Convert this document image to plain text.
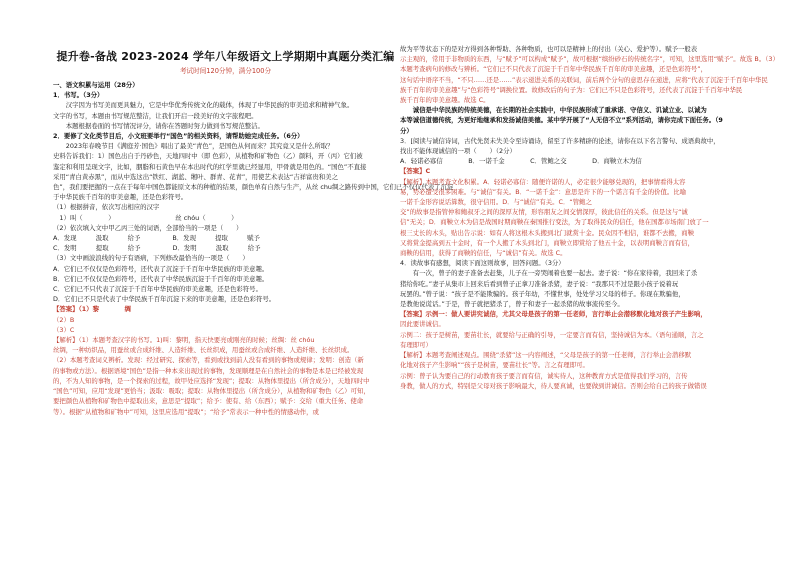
提升卷-备战 2023-2024 学年八年级语文上学期期中真题分类汇编
考试时间120分钟，满分100分
一、语文积累与运用（28分）
1．书写。（3分）
　　汉字因为书写美而更具魅力，它是中华优秀传统文化的载体，体现了中华民族的审美追求和精神气象。
文字的书写，本题由书写规范整洁，让我们开启一段美好的文字旅程吧。
　　本题根据卷面的书写情况评分，请你在答题时努力做到书写规范整洁。
2．要修了文化类节目后，小文班要举行“国色”的相关资料，请帮助她完成任务。（6分）
　　2023年春晚节目《满庭芳·国色》唱出了最美“青色”，是国色从何而来？其究竟又是什么所取？
史料告诉我们：1）国色出自于丹砂色，天地四时中（即 色彩），从植物和矿物色（乙）颜料，开（丙）它们被
鉴定和利用呈现文字，比如，胭脂和石黄色早在本出时代的红学里就已经显用，甲骨就是用色的。“国色”不直接
采用“青白黄赤黑”，而从中选这出“铁红、湖蓝、缃叶、群青、花青”，用使艺术表达“吉祥富贵和美之
色”，我们要把握的一点在于每年中国色都能原文本的种植的结果，颜色单有自然与生产，从丝 chu绸之路传到中国，它们已不仅仅代表了沉淀
于中华民族千百年的审美意趣，还是色彩符号。
（1）根据拼音，依次写出相应的汉字
　1）叫（　　　　）　　　　　　　　　　丝 chóu（　　　　）
（2）依次填入文中甲乙丙三处的词语，全部恰当的一项是（　　）
A．发现　　　汲取　　　给予　　　　　B．发现　　　提取　　　赋予
C．发明　　　提取　　　给予　　　　　D．发明　　　汲取　　　给予
（3）文中画波浪线的句子有语病，下列修改最恰当的一项是（　　）
A．它们已不仅仅是色彩符号，还代表了沉淀于千百年中华民族的审美意趣。
B．它们已不仅仅是色彩符号，还代表了中华民族沉淀于千百年的审美意趣。
C．它们已不只代表了沉淀于千百年中华民族的审美意趣，还是色彩符号。
D．它们已不只是代表了中华民族千百年沉淀下来的审美意趣，还是色彩符号。
【答案】（1）黎　　　　绸
（2）B
（3）C
【解析】（1）本题考查汉字的书写。1)叫：黎明，指天快要亮或刚亮的时候；丝绸：丝 chóu
丝绸，一种纺织品，用蚕丝或合成纤维、人造纤维、长丝织成，用蚕丝或合成纤维、人造纤维、长丝织成。
（2）本题考查词义辨析。发现：经过研究、探索等，看到或找到前人没有看到的事物或规律；发明：创造（新
的事物或方法）。根据语境“国色”是指一种本来出现过的事物，发现顺理是在自然社会的事物是本是已经被发现
的，不为人知的事物，是一个探索的过程，故甲处应选择“发现”；提取：从物体里提出（所含成分），天地四时中
“国色”可知，应用“发现”更恰当；汲取：吸取；提取：从物体里提出（所含成分），从植物和矿物色（乙）可知，
要把颜色从植物和矿物色中提取出来，意思是“提取”；给予：使有、给（东西）；赋予：交给（重大任务、使命
等）。根据“从植物和矿物中”可知，这里应选用“提取”；“给予”常表示一种中性的情感动作，或
故为平等状态下的是对方得到各种帮助、各种物质，也可以是精神上的付出（关心、爱护等）。赋予一般表
示主观的，常用于非物质的东西，与“赋予”可以构成“赋予”，故可根据“缤纷砂石的传统名字”，可知，这里选用“赋予”。故选 B。（3）
本题考查病句的修改与辨析。“它们已不只代表了沉淀于千百年中华民族千百年的审美意趣，还是色彩符号”，
这句话中语序不当，“不只……还是……”表示递进关系的关联词，前后两个分句的意思存在递进，应将“代表了沉淀于千百年中华民
族千百年的审美意趣”与“色彩符号”调换位置。故修改后的句子为：它们已不只是色彩符号，还代表了沉淀于千百年中华民
族千百年的审美意趣。故选 C。
　　诚信是中华民族的传统美德，在长期的社会实践中，中华民族形成了重承诺、守信义、讥诚立业、以诚为
本等诚信道德传统，为更好地继承和发扬诚信美德。某中学开展了“人无信不立”系列活动，请你完成下面任务。（9
分）
3．[阅读与诚信诗词，古代先贤未失美令至诗诵诗，留至了许多精辟的论述，请你在以下名言警句、成语典故中，
找出不能体现诚信的一项（　　）（2分）
A．轻诺必寡信　　　　B．一诺千金　　　　C．管鲍之交　　　　D．商鞅立木为信
【答案】C
【解析】本题考查文化积累。A．轻诺必寡信：随便许诺的人，必定很少能够兑现的，把事情看得太容
易，势必遭受很多困难。与“诚信”有关。B．“一诺千金”：意思是许下的一个诺言有千金的价值。比喻
一诺千金形容说话算数，很守信用。D．与“诚信”有关。C．“管鲍之
交”的故事是指管仲和鲍叔牙之间的深厚友情，形容朋友之间交情深厚，彼此信任的关系。但是这与“诚
信”无关；D．商鞅立木为信是战国时期商鞅在秦国推行变法，为了取得民众的信任，他在国都市场南门放了一
根三丈长的木头，贴出告示说：如有人将这根木头搬到北门就赏十金。民众因不相信，谁都不去搬，商鞅
又将赏金提高到五十金时，有一个人搬了木头到北门，商鞅立即赏给了他五十金，以表明商鞅言而有信，
商鞅的信用，获得了商鞅的信任，与“诚信”有关。故选 C。
4．读故事有感想，阅读下面这则故事，回答问题。（3分）
　　有一次，曾子的妻子准备去赶集，儿子在一旁哭闹着也要一起去。妻子说：“你在家待着，我回来了杀
猪给你吃。”妻子从集市上回来后看到曾子正拿刀准备杀猪，妻子说：“我那只不过是跟小孩子说着玩
玩罢的。”曾子说：“孩子是不能欺骗的。孩子年幼，不懂世事，处处学习父母的样子。你现在欺骗他，
是教他说谎话。”于是，曾子就把猪杀了，曾子和妻子一起杀猪的故事流传至今。
【答案】示例一：做人要讲究诚信，尤其父母是孩子的第一任老师，言行举止会潜移默化地对孩子产生影响，
因此要讲诚信。
示例二：孩子是树苗，要苗壮长，就要给与正确的引导，一定要言而有信，坚持诚信为本。（语句通顺，言之
有理即可）
【解析】本题考查阐述观点。围绕“杀猪”这一内容阐述，“父母是孩子的第一任老师，言行举止会潜移默
化地对孩子产生影响”“孩子是树苗，要苗壮长”等。言之有理即可。
示例：曾子认为要自己的行动教育孩子要言而有信，诚实待人，这种教育方式是值得我们学习的，言传
身教，做人的方式，特别是父母对孩子影响最大，待人要真诚，也要做到讲诚信。否则会给自己的孩子做错误
